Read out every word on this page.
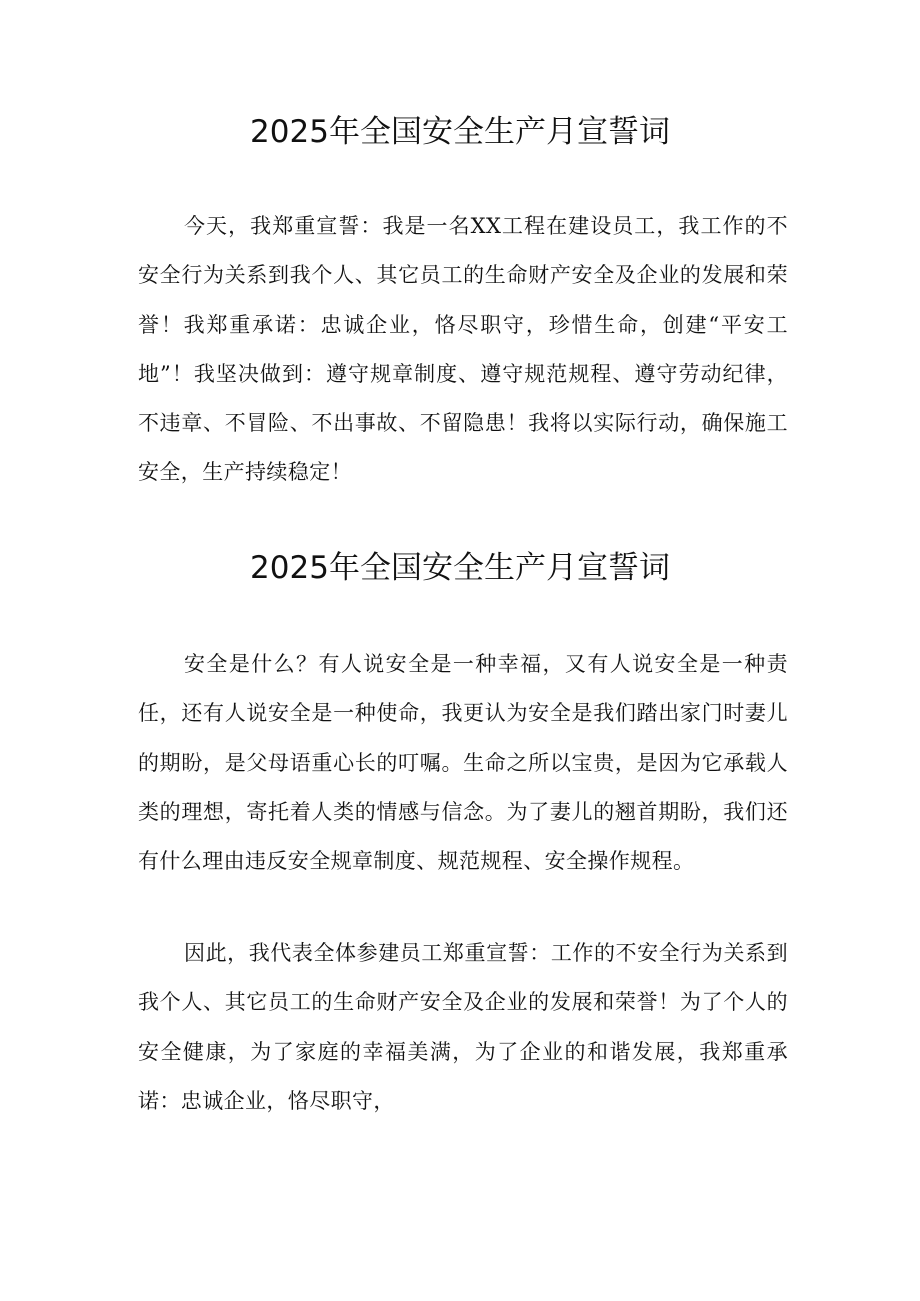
2025年全国安全生产月宣誓词

今天，我郑重宣誓：我是一名XX工程在建设员工，我工作的不安全行为关系到我个人、其它员工的生命财产安全及企业的发展和荣誉！我郑重承诺：忠诚企业，恪尽职守，珍惜生命，创建“平安工地”！我坚决做到：遵守规章制度、遵守规范规程、遵守劳动纪律，不违章、不冒险、不出事故、不留隐患！我将以实际行动，确保施工安全，生产持续稳定！

2025年全国安全生产月宣誓词

安全是什么？有人说安全是一种幸福，又有人说安全是一种责任，还有人说安全是一种使命，我更认为安全是我们踏出家门时妻儿的期盼，是父母语重心长的叮嘱。生命之所以宝贵，是因为它承载人类的理想，寄托着人类的情感与信念。为了妻儿的翘首期盼，我们还有什么理由违反安全规章制度、规范规程、安全操作规程。

因此，我代表全体参建员工郑重宣誓：工作的不安全行为关系到我个人、其它员工的生命财产安全及企业的发展和荣誉！为了个人的安全健康，为了家庭的幸福美满，为了企业的和谐发展，我郑重承诺：忠诚企业，恪尽职守，
